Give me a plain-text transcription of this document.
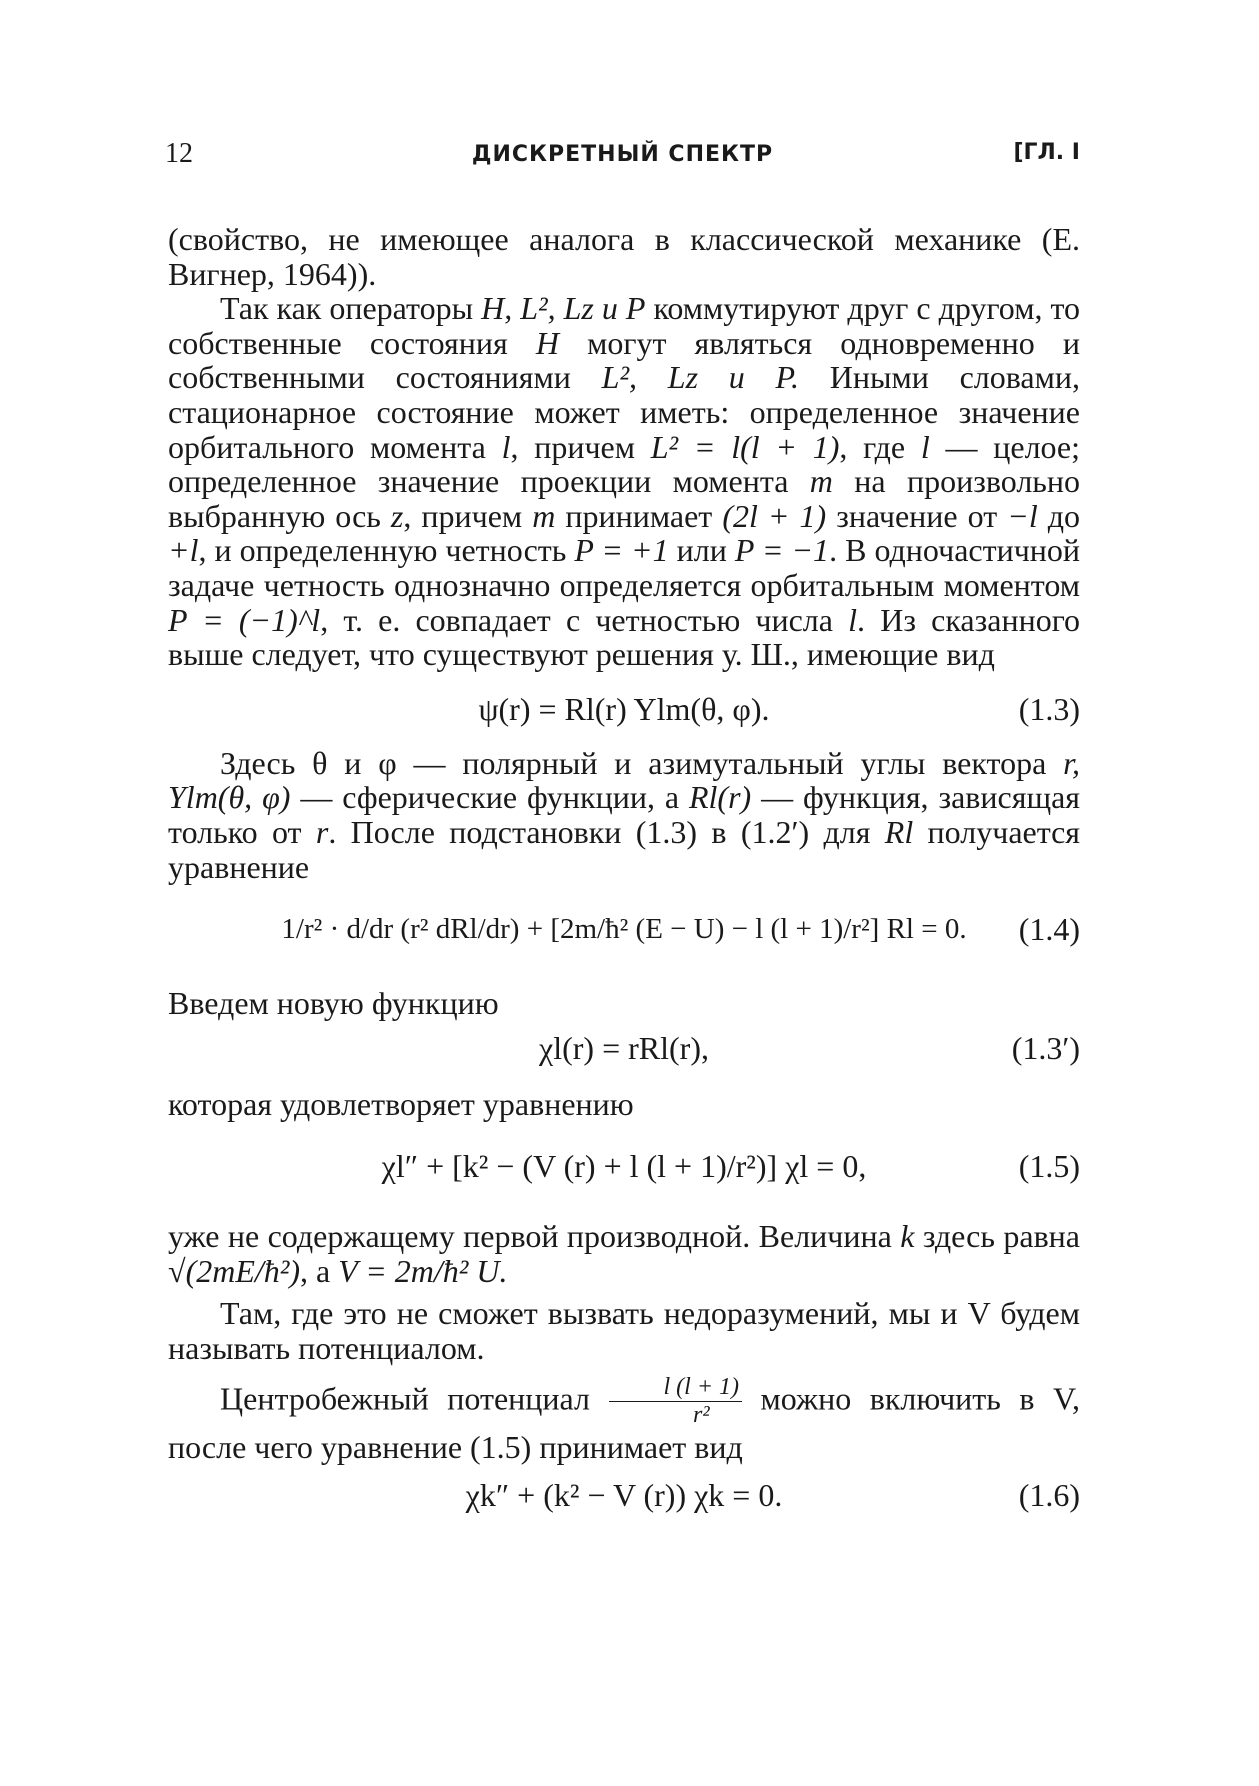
12	ДИСКРЕТНЫЙ СПЕКТР	[ГЛ. I

(свойство, не имеющее аналога в классической механике (Е. Вигнер, 1964)).

Так как операторы H, L², Lz и P коммутируют друг с другом, то собственные состояния H могут являться одновременно и собственными состояниями L², Lz и P. Иными словами, стационарное состояние может иметь: определенное значение орбитального момента l, причем L² = l(l + 1), где l — целое; определенное значение проекции момента m на произвольно выбранную ось z, причем m принимает (2l + 1) значение от −l до +l, и определенную четность P = +1 или P = −1. В одночастичной задаче четность однозначно определяется орбитальным моментом P = (−1)^l, т. е. совпадает с четностью числа l. Из сказанного выше следует, что существуют решения у. Ш., имеющие вид

ψ(r) = Rl(r) Ylm(θ, φ).	(1.3)

Здесь θ и φ — полярный и азимутальный углы вектора r, Ylm(θ, φ) — сферические функции, а Rl(r) — функция, зависящая только от r. После подстановки (1.3) в (1.2′) для Rl получается уравнение

1/r² · d/dr (r² dRl/dr) + [2m/ħ² (E − U) − l (l + 1)/r²] Rl = 0.	(1.4)

Введем новую функцию

χl(r) = rRl(r),	(1.3′)

которая удовлетворяет уравнению

χl″ + [k² − (V (r) + l (l + 1)/r²)] χl = 0,	(1.5)

уже не содержащему первой производной. Величина k здесь равна √(2mE/ħ²), а V = 2m/ħ² U.

Там, где это не сможет вызвать недоразумений, мы и V будем называть потенциалом.

Центробежный потенциал $\frac{l (l + 1)}{\text{r²}}$ можно включить в V, после чего уравнение (1.5) принимает вид

χk″ + (k² − V (r)) χk = 0.	(1.6)
